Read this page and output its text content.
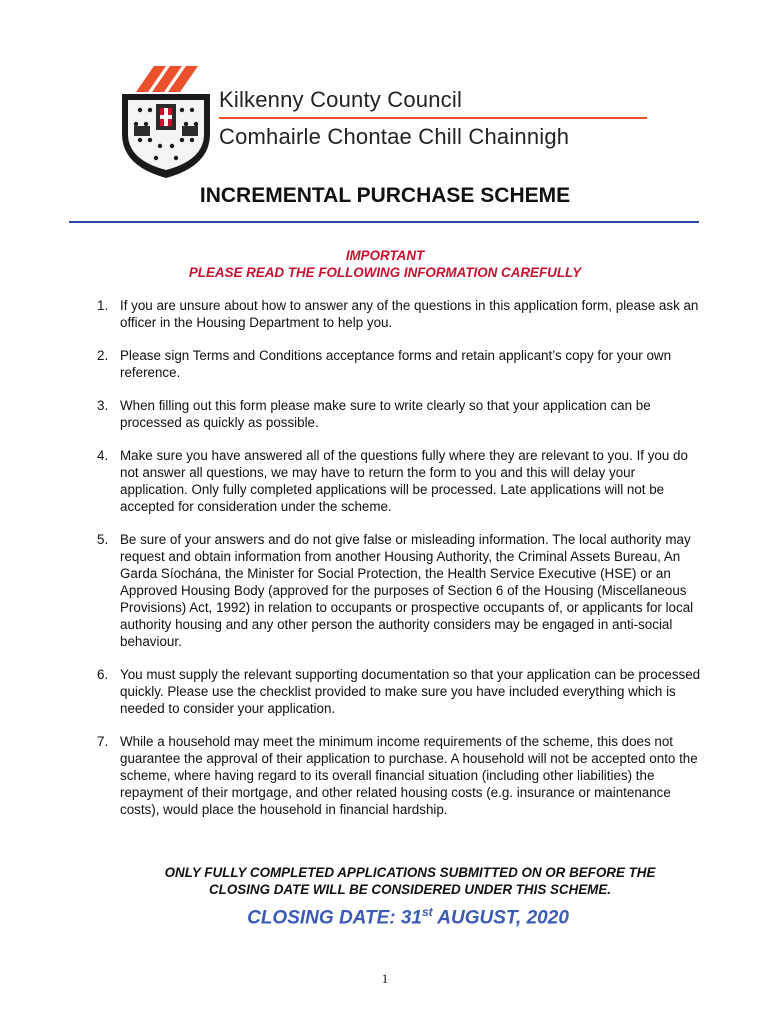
Kilkenny County Council
Comhairle Chontae Chill Chainnigh
INCREMENTAL PURCHASE SCHEME
IMPORTANT
PLEASE READ THE FOLLOWING INFORMATION CAREFULLY
1. If you are unsure about how to answer any of the questions in this application form, please ask an officer in the Housing Department to help you.
2. Please sign Terms and Conditions acceptance forms and retain applicant’s copy for your own reference.
3. When filling out this form please make sure to write clearly so that your application can be processed as quickly as possible.
4. Make sure you have answered all of the questions fully where they are relevant to you. If you do not answer all questions, we may have to return the form to you and this will delay your application. Only fully completed applications will be processed. Late applications will not be accepted for consideration under the scheme.
5. Be sure of your answers and do not give false or misleading information. The local authority may request and obtain information from another Housing Authority, the Criminal Assets Bureau, An Garda Síochána, the Minister for Social Protection, the Health Service Executive (HSE) or an Approved Housing Body (approved for the purposes of Section 6 of the Housing (Miscellaneous Provisions) Act, 1992) in relation to occupants or prospective occupants of, or applicants for local authority housing and any other person the authority considers may be engaged in anti-social behaviour.
6. You must supply the relevant supporting documentation so that your application can be processed quickly. Please use the checklist provided to make sure you have included everything which is needed to consider your application.
7. While a household may meet the minimum income requirements of the scheme, this does not guarantee the approval of their application to purchase. A household will not be accepted onto the scheme, where having regard to its overall financial situation (including other liabilities) the repayment of their mortgage, and other related housing costs (e.g. insurance or maintenance costs), would place the household in financial hardship.
ONLY FULLY COMPLETED APPLICATIONS SUBMITTED ON OR BEFORE THE
CLOSING DATE WILL BE CONSIDERED UNDER THIS SCHEME.
CLOSING DATE: 31st AUGUST, 2020
1
